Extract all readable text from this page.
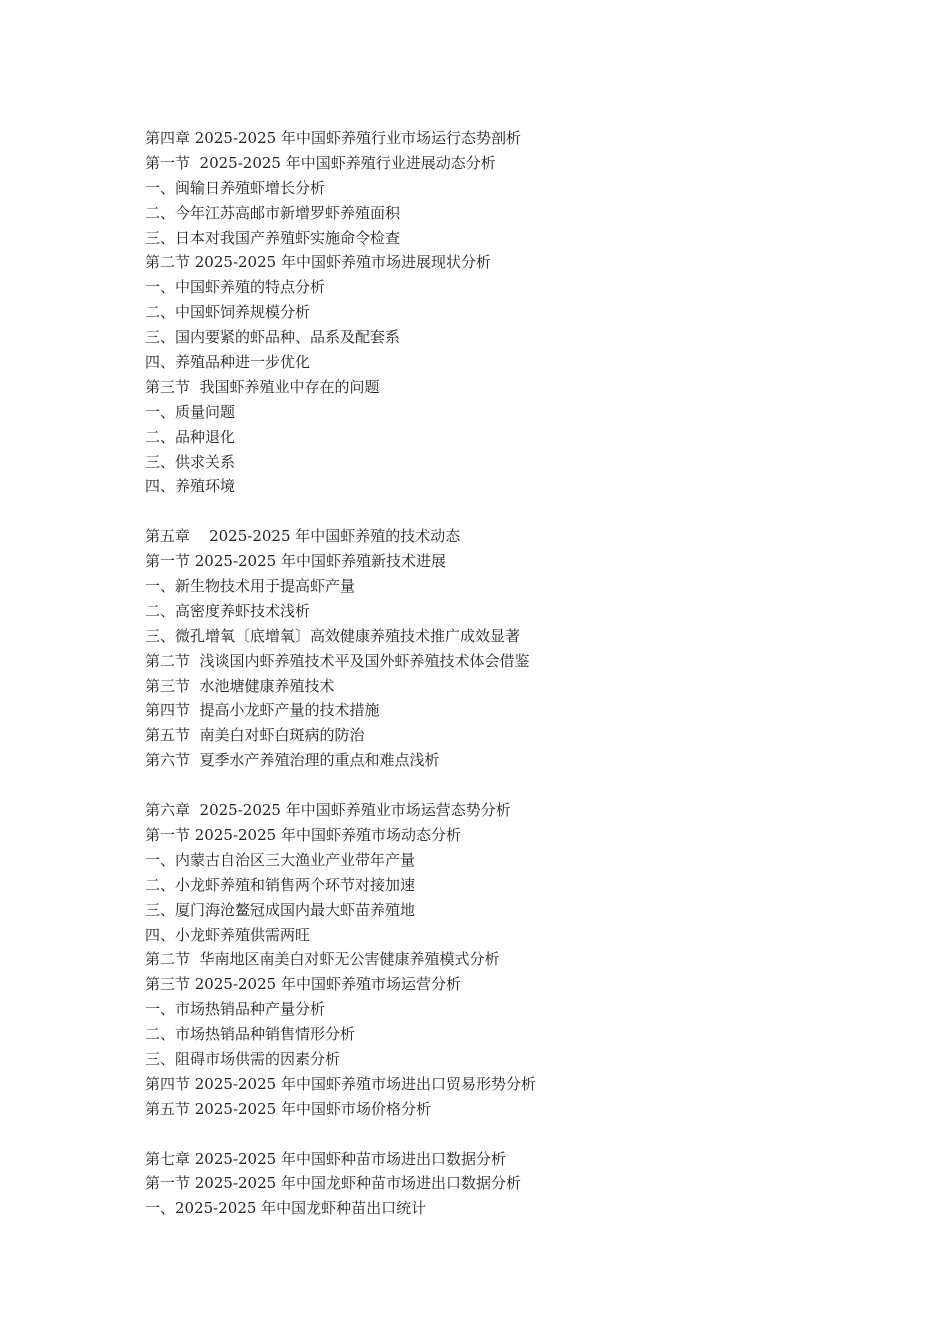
第四章 2025-2025 年中国虾养殖行业市场运行态势剖析
第一节  2025-2025 年中国虾养殖行业进展动态分析
一、闽输日养殖虾增长分析
二、今年江苏高邮市新增罗虾养殖面积
三、日本对我国产养殖虾实施命令检查
第二节 2025-2025 年中国虾养殖市场进展现状分析
一、中国虾养殖的特点分析
二、中国虾饲养规模分析
三、国内要紧的虾品种、品系及配套系
四、养殖品种进一步优化
第三节  我国虾养殖业中存在的问题
一、质量问题
二、品种退化
三、供求关系
四、养殖环境
第五章    2025-2025 年中国虾养殖的技术动态
第一节 2025-2025 年中国虾养殖新技术进展
一、新生物技术用于提高虾产量
二、高密度养虾技术浅析
三、微孔增氧〔底增氧〕高效健康养殖技术推广成效显著
第二节  浅谈国内虾养殖技术平及国外虾养殖技术体会借鉴
第三节  水池塘健康养殖技术
第四节  提高小龙虾产量的技术措施
第五节  南美白对虾白斑病的防治
第六节  夏季水产养殖治理的重点和难点浅析
第六章  2025-2025 年中国虾养殖业市场运营态势分析
第一节 2025-2025 年中国虾养殖市场动态分析
一、内蒙古自治区三大渔业产业带年产量
二、小龙虾养殖和销售两个环节对接加速
三、厦门海沧鳌冠成国内最大虾苗养殖地
四、小龙虾养殖供需两旺
第二节  华南地区南美白对虾无公害健康养殖模式分析
第三节 2025-2025 年中国虾养殖市场运营分析
一、市场热销品种产量分析
二、市场热销品种销售情形分析
三、阻碍市场供需的因素分析
第四节 2025-2025 年中国虾养殖市场进出口贸易形势分析
第五节 2025-2025 年中国虾市场价格分析
第七章 2025-2025 年中国虾种苗市场进出口数据分析
第一节 2025-2025 年中国龙虾种苗市场进出口数据分析
一、2025-2025 年中国龙虾种苗出口统计
